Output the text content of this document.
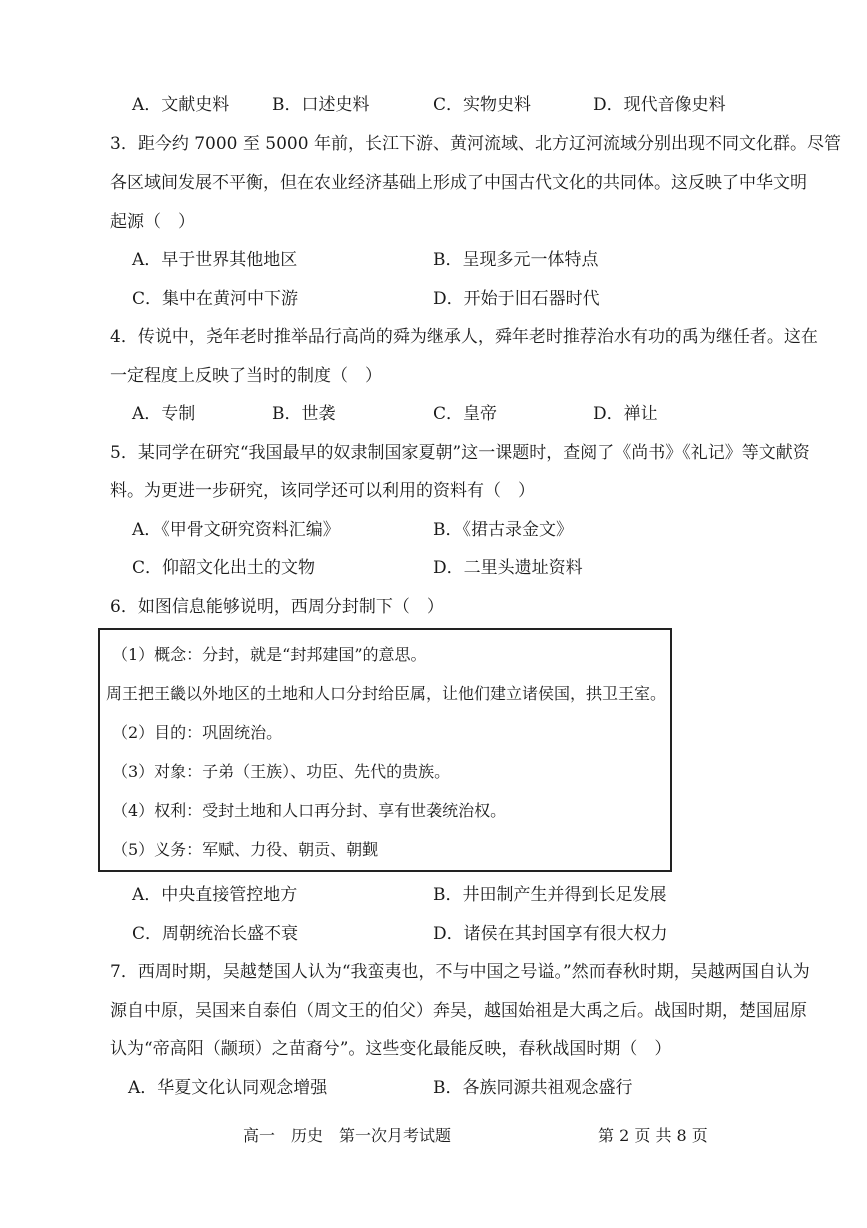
A．文献史料	B．口述史料	C．实物史料	D．现代音像史料
3．距今约 7000 至 5000 年前，长江下游、黄河流域、北方辽河流域分别出现不同文化群。尽管
各区域间发展不平衡，但在农业经济基础上形成了中国古代文化的共同体。这反映了中华文明
起源（　）
A．早于世界其他地区	B．呈现多元一体特点
C．集中在黄河中下游	D．开始于旧石器时代
4．传说中，尧年老时推举品行高尚的舜为继承人，舜年老时推荐治水有功的禹为继任者。这在
一定程度上反映了当时的制度（　）
A．专制	B．世袭	C．皇帝	D．禅让
5．某同学在研究“我国最早的奴隶制国家夏朝”这一课题时，查阅了《尚书》《礼记》等文献资
料。为更进一步研究，该同学还可以利用的资料有（　）
A．《甲骨文研究资料汇编》	B．《捃古录金文》
C．仰韶文化出土的文物	D．二里头遗址资料
6．如图信息能够说明，西周分封制下（　）
（1）概念：分封，就是“封邦建国”的意思。
周王把王畿以外地区的土地和人口分封给臣属，让他们建立诸侯国，拱卫王室。
（2）目的：巩固统治。
（3）对象：子弟（王族）、功臣、先代的贵族。
（4）权利：受封土地和人口再分封、享有世袭统治权。
（5）义务：军赋、力役、朝贡、朝觐
A．中央直接管控地方	B．井田制产生并得到长足发展
C．周朝统治长盛不衰	D．诸侯在其封国享有很大权力
7．西周时期，吴越楚国人认为“我蛮夷也，不与中国之号谥。”然而春秋时期，吴越两国自认为
源自中原，吴国来自泰伯（周文王的伯父）奔吴，越国始祖是大禹之后。战国时期，楚国屈原
认为“帝高阳（颛顼）之苗裔兮”。这些变化最能反映，春秋战国时期（　）
A．华夏文化认同观念增强	B．各族同源共祖观念盛行
高一　历史　第一次月考试题	第 2 页 共 8 页
